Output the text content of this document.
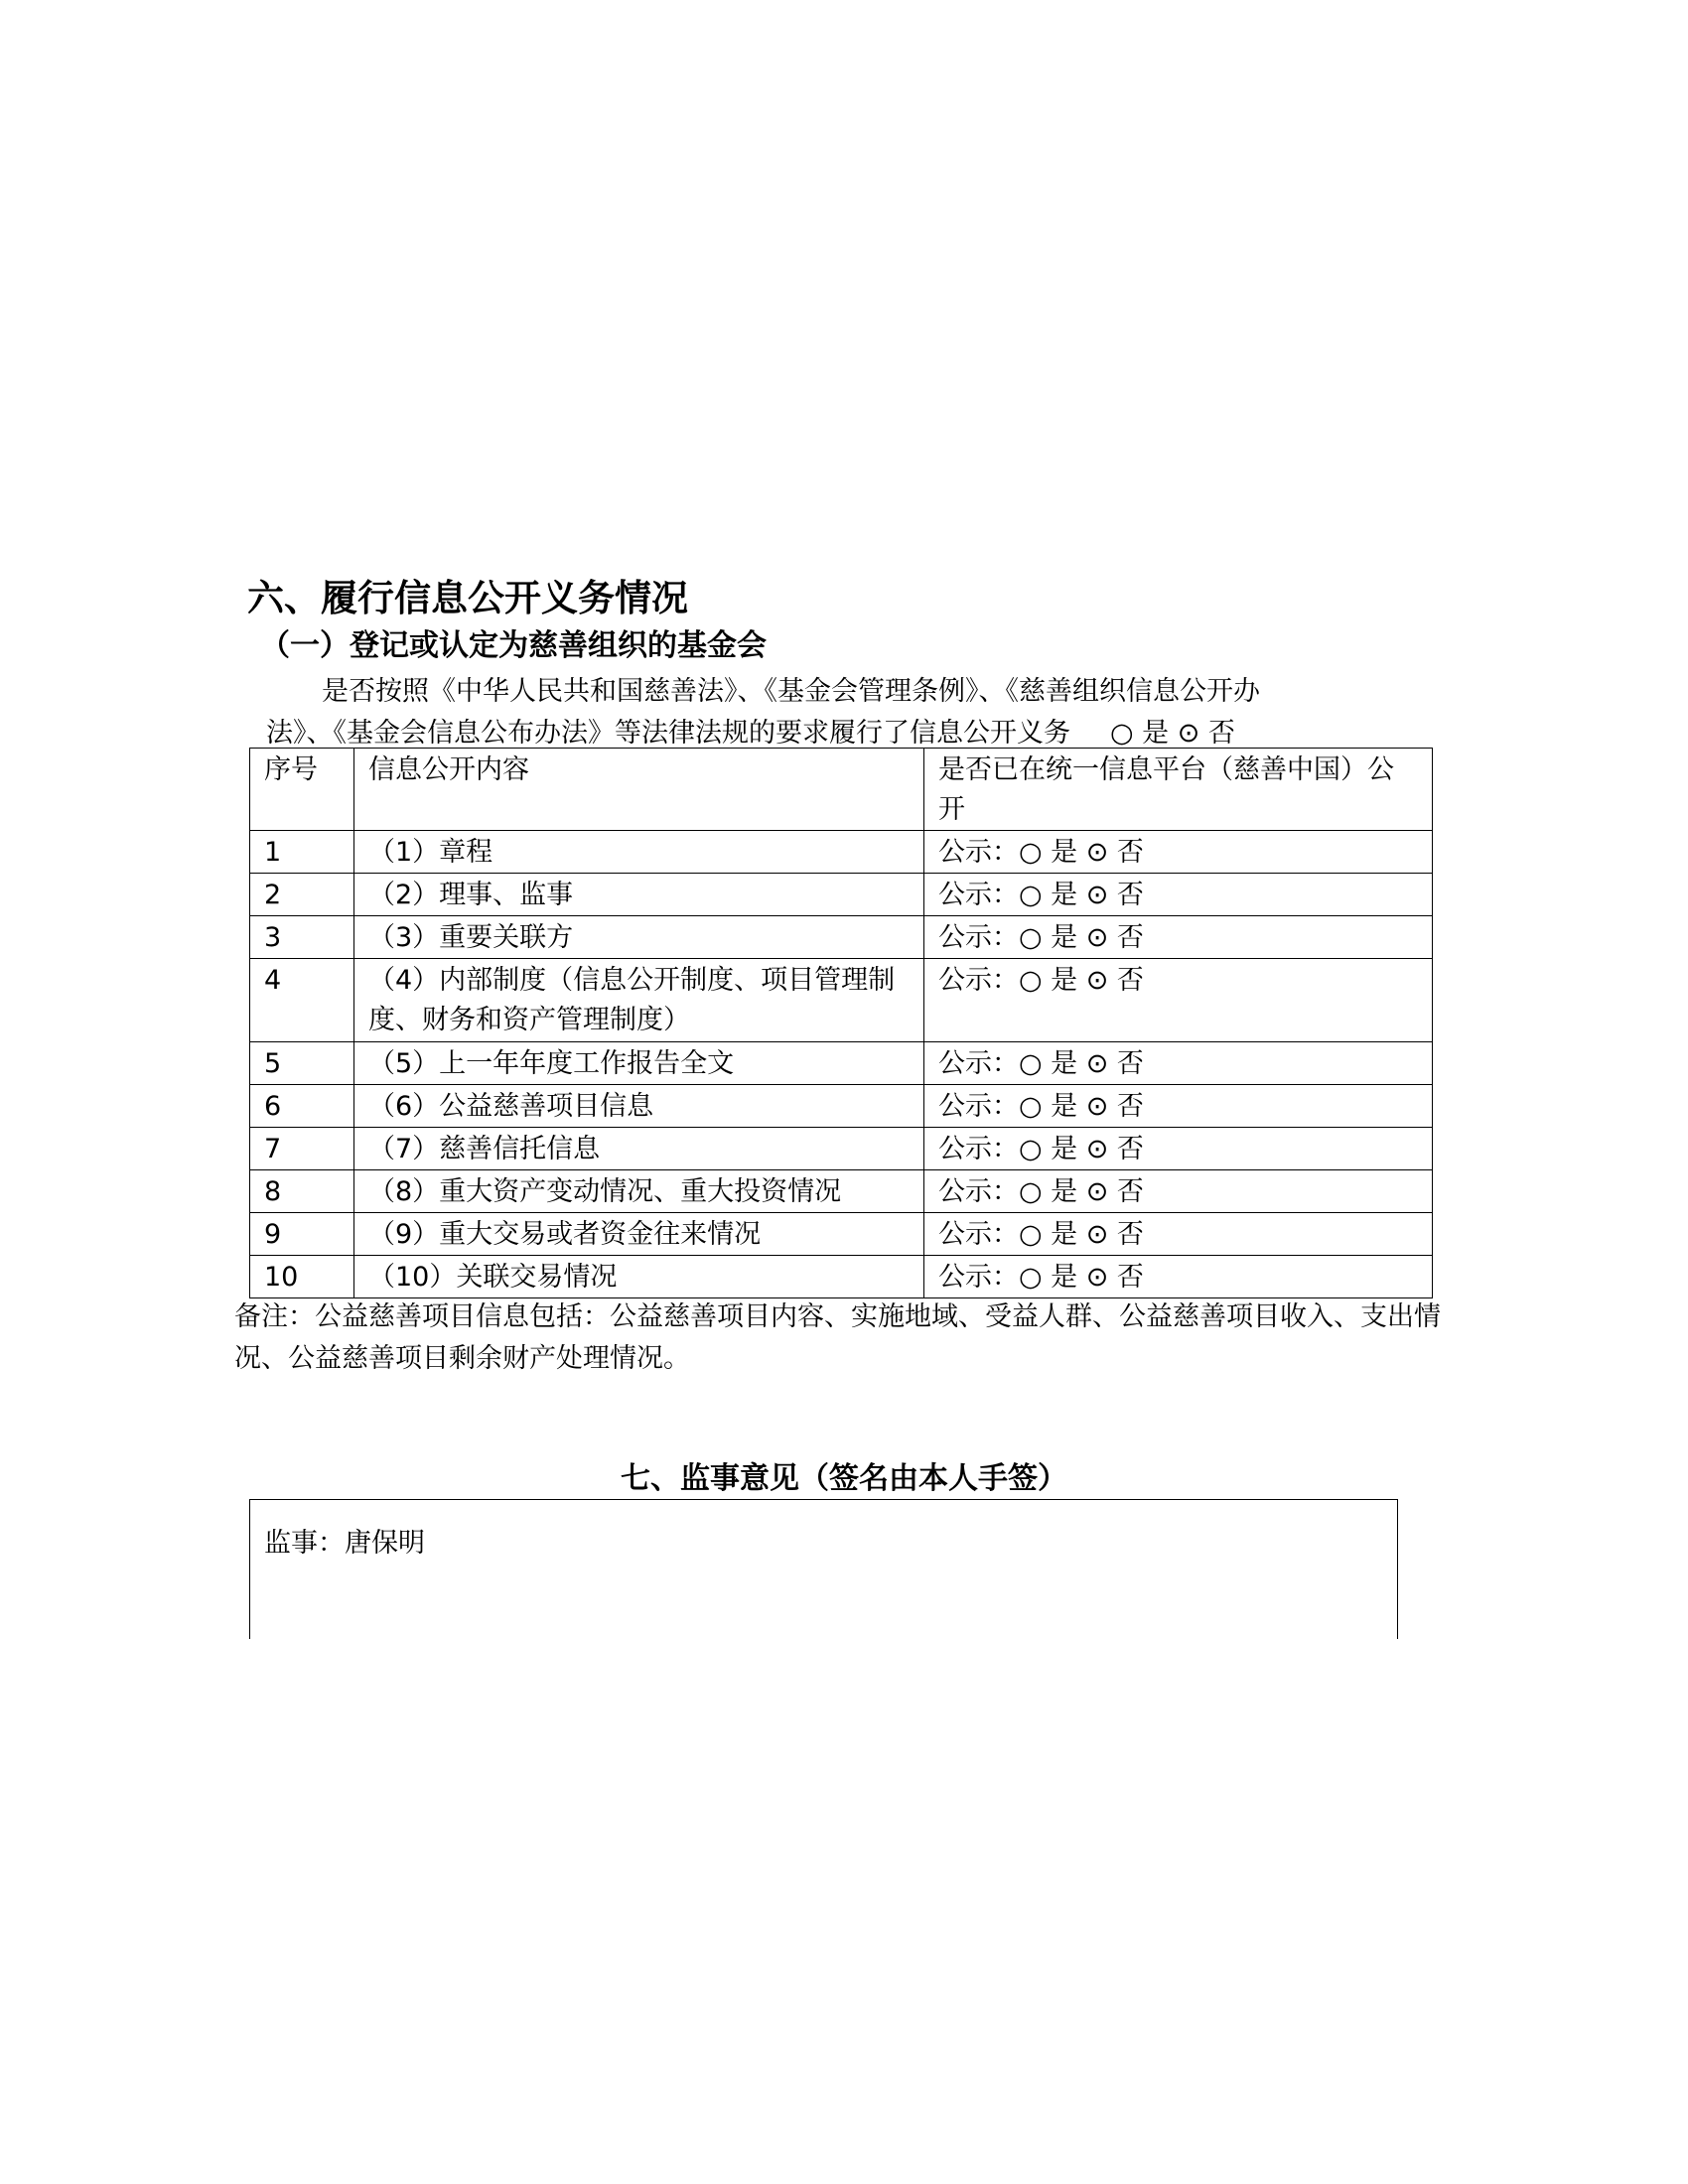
六、履行信息公开义务情况
（一）登记或认定为慈善组织的基金会
是否按照《中华人民共和国慈善法》、《基金会管理条例》、《慈善组织信息公开办
法》、《基金会信息公布办法》等法律法规的要求履行了信息公开义务 ○ 是 ⊙ 否
序号	信息公开内容	是否已在统一信息平台（慈善中国）公开
1	（1）章程	公示：○ 是 ⊙ 否
2	（2）理事、监事	公示：○ 是 ⊙ 否
3	（3）重要关联方	公示：○ 是 ⊙ 否
4	（4）内部制度（信息公开制度、项目管理制度、财务和资产管理制度）	公示：○ 是 ⊙ 否
5	（5）上一年年度工作报告全文	公示：○ 是 ⊙ 否
6	（6）公益慈善项目信息	公示：○ 是 ⊙ 否
7	（7）慈善信托信息	公示：○ 是 ⊙ 否
8	（8）重大资产变动情况、重大投资情况	公示：○ 是 ⊙ 否
9	（9）重大交易或者资金往来情况	公示：○ 是 ⊙ 否
10	（10）关联交易情况	公示：○ 是 ⊙ 否
备注：公益慈善项目信息包括：公益慈善项目内容、实施地域、受益人群、公益慈善项目收入、支出情况、公益慈善项目剩余财产处理情况。
七、监事意见（签名由本人手签）
监事：唐保明
